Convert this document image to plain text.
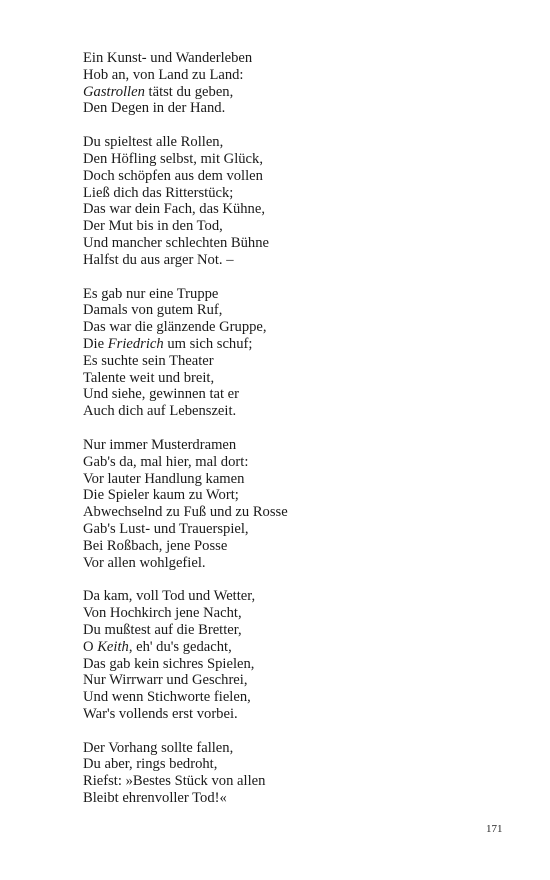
Ein Kunst- und Wanderleben
Hob an, von Land zu Land:
Gastrollen tätst du geben,
Den Degen in der Hand.
Du spieltest alle Rollen,
Den Höfling selbst, mit Glück,
Doch schöpfen aus dem vollen
Ließ dich das Ritterstück;
Das war dein Fach, das Kühne,
Der Mut bis in den Tod,
Und mancher schlechten Bühne
Halfst du aus arger Not. –
Es gab nur eine Truppe
Damals von gutem Ruf,
Das war die glänzende Gruppe,
Die Friedrich um sich schuf;
Es suchte sein Theater
Talente weit und breit,
Und siehe, gewinnen tat er
Auch dich auf Lebenszeit.
Nur immer Musterdramen
Gab's da, mal hier, mal dort:
Vor lauter Handlung kamen
Die Spieler kaum zu Wort;
Abwechselnd zu Fuß und zu Rosse
Gab's Lust- und Trauerspiel,
Bei Roßbach, jene Posse
Vor allen wohlgefiel.
Da kam, voll Tod und Wetter,
Von Hochkirch jene Nacht,
Du mußtest auf die Bretter,
O Keith, eh' du's gedacht,
Das gab kein sichres Spielen,
Nur Wirrwarr und Geschrei,
Und wenn Stichworte fielen,
War's vollends erst vorbei.
Der Vorhang sollte fallen,
Du aber, rings bedroht,
Riefst: »Bestes Stück von allen
Bleibt ehrenvoller Tod!«
171
